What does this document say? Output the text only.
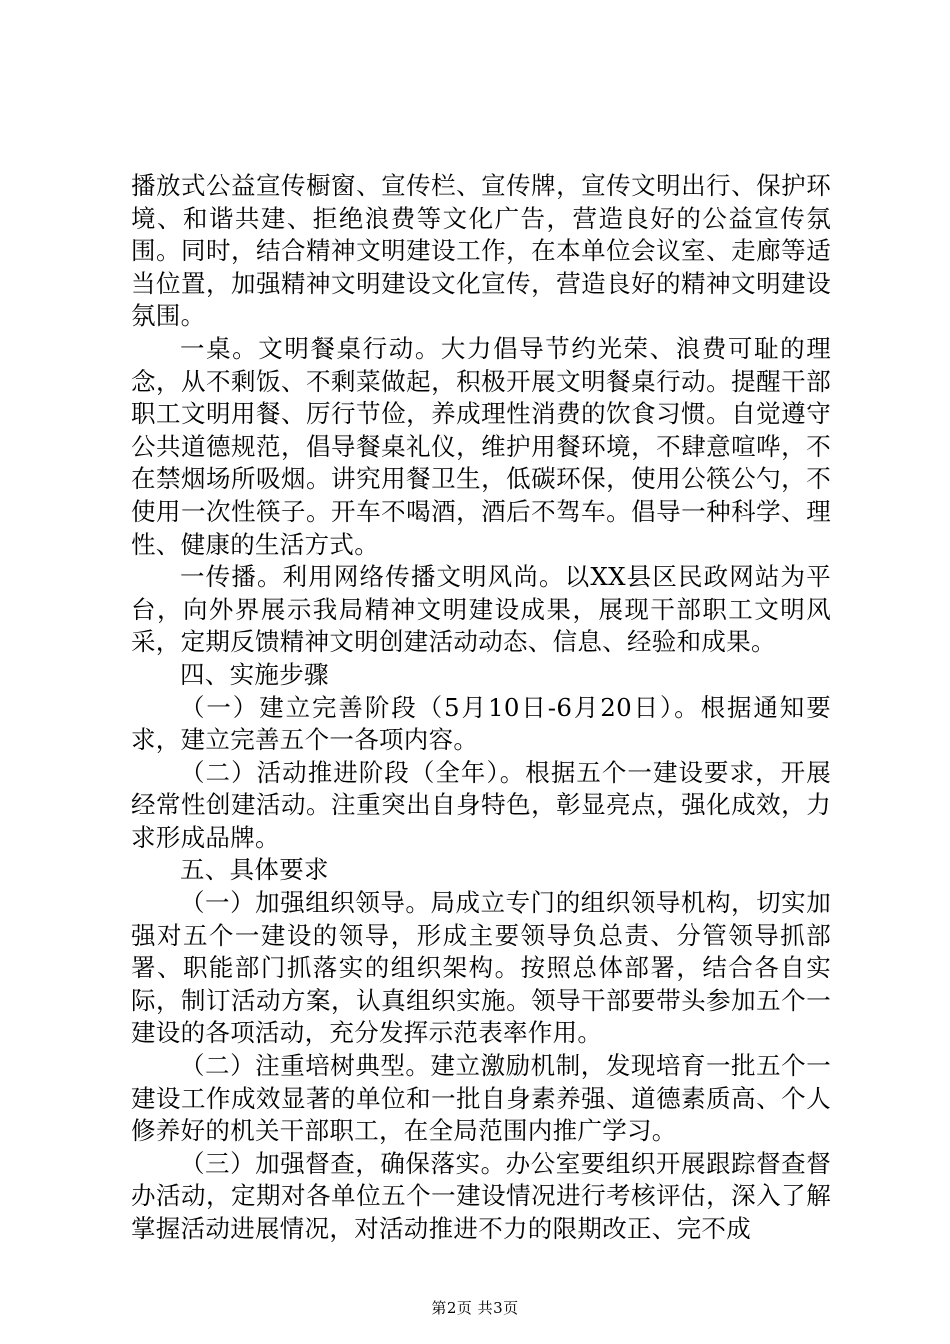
播放式公益宣传橱窗、宣传栏、宣传牌，宣传文明出行、保护环境、和谐共建、拒绝浪费等文化广告，营造良好的公益宣传氛围。同时，结合精神文明建设工作，在本单位会议室、走廊等适当位置，加强精神文明建设文化宣传，营造良好的精神文明建设氛围。

一桌。文明餐桌行动。大力倡导节约光荣、浪费可耻的理念，从不剩饭、不剩菜做起，积极开展文明餐桌行动。提醒干部职工文明用餐、厉行节俭，养成理性消费的饮食习惯。自觉遵守公共道德规范，倡导餐桌礼仪，维护用餐环境，不肆意喧哗，不在禁烟场所吸烟。讲究用餐卫生，低碳环保，使用公筷公勺，不使用一次性筷子。开车不喝酒，酒后不驾车。倡导一种科学、理性、健康的生活方式。

一传播。利用网络传播文明风尚。以XX县区民政网站为平台，向外界展示我局精神文明建设成果，展现干部职工文明风采，定期反馈精神文明创建活动动态、信息、经验和成果。

四、实施步骤

（一）建立完善阶段（5月10日-6月20日）。根据通知要求，建立完善五个一各项内容。

（二）活动推进阶段（全年）。根据五个一建设要求，开展经常性创建活动。注重突出自身特色，彰显亮点，强化成效，力求形成品牌。

五、具体要求

（一）加强组织领导。局成立专门的组织领导机构，切实加强对五个一建设的领导，形成主要领导负总责、分管领导抓部署、职能部门抓落实的组织架构。按照总体部署，结合各自实际，制订活动方案，认真组织实施。领导干部要带头参加五个一建设的各项活动，充分发挥示范表率作用。

（二）注重培树典型。建立激励机制，发现培育一批五个一建设工作成效显著的单位和一批自身素养强、道德素质高、个人修养好的机关干部职工，在全局范围内推广学习。

（三）加强督查，确保落实。办公室要组织开展跟踪督查督办活动，定期对各单位五个一建设情况进行考核评估，深入了解掌握活动进展情况，对活动推进不力的限期改正、完不成

第2页 共3页
